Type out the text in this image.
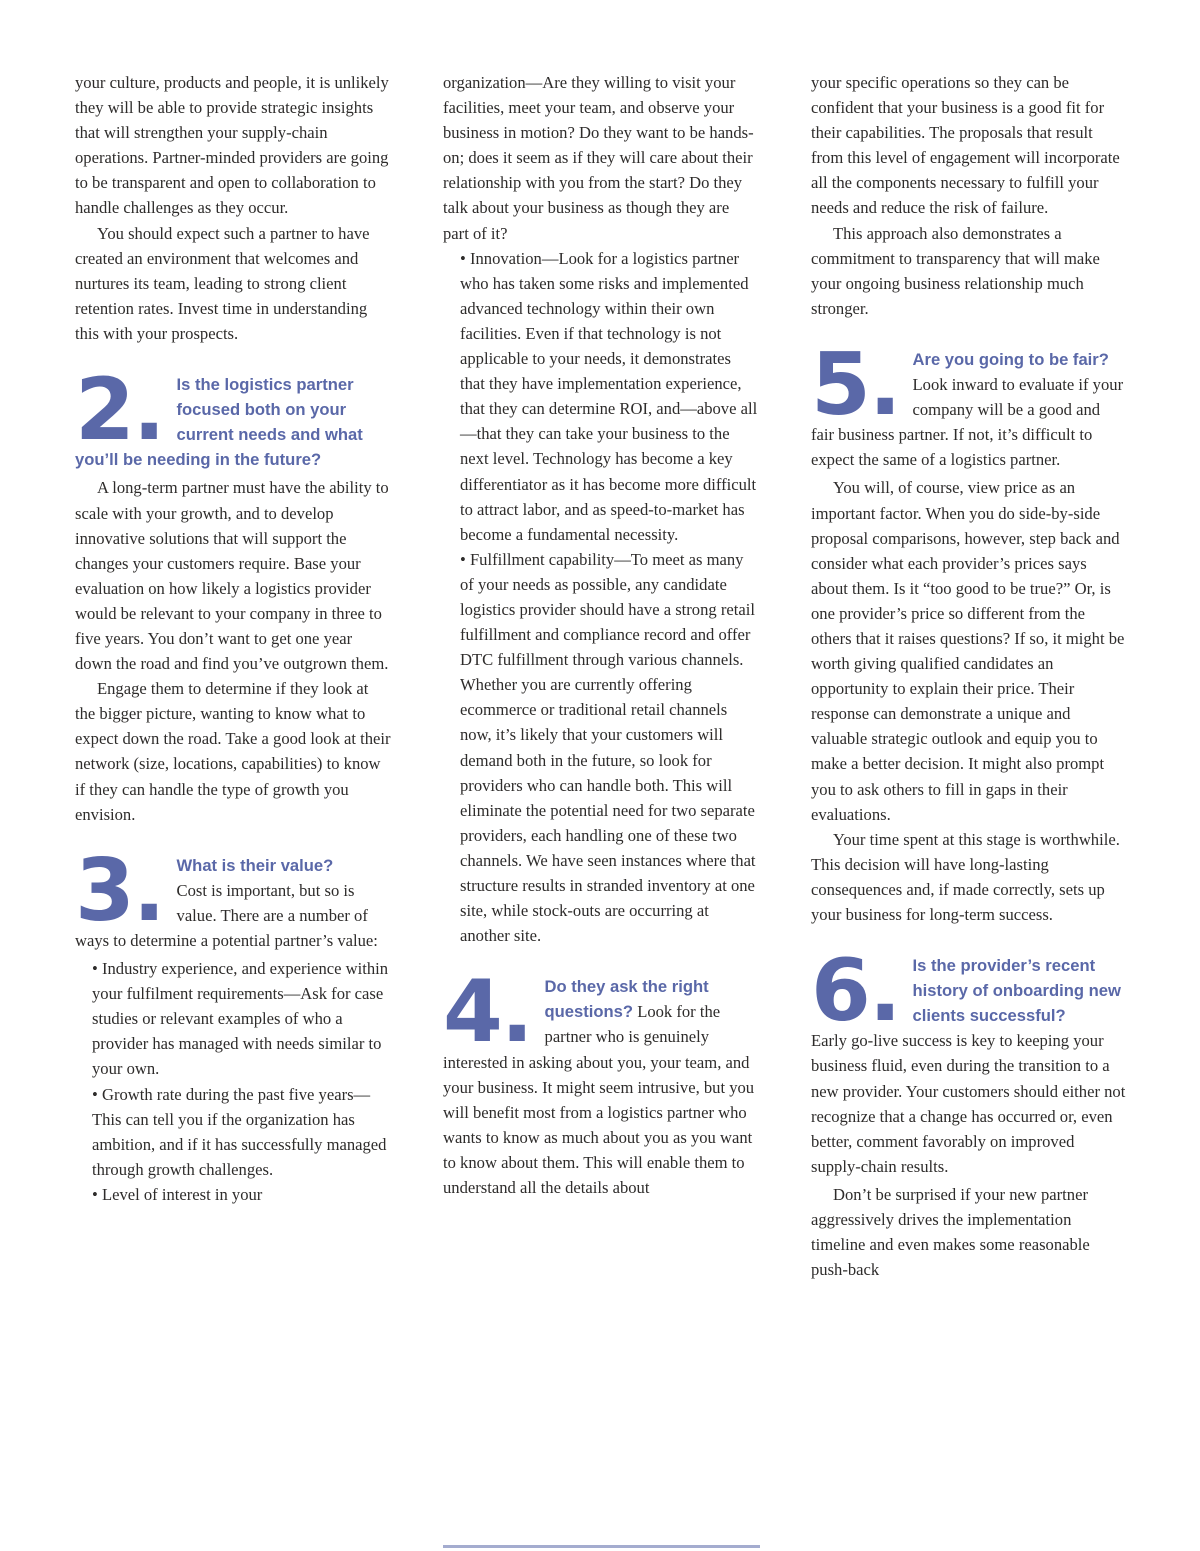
your culture, products and people, it is unlikely they will be able to provide strategic insights that will strengthen your supply-chain operations. Partner-minded providers are going to be transparent and open to collaboration to handle challenges as they occur.

You should expect such a partner to have created an environment that welcomes and nurtures its team, leading to strong client retention rates. Invest time in understanding this with your prospects.

2. Is the logistics partner focused both on your current needs and what you’ll be needing in the future?

A long-term partner must have the ability to scale with your growth, and to develop innovative solutions that will support the changes your customers require. Base your evaluation on how likely a logistics provider would be relevant to your company in three to five years. You don’t want to get one year down the road and find you’ve outgrown them.

Engage them to determine if they look at the bigger picture, wanting to know what to expect down the road. Take a good look at their network (size, locations, capabilities) to know if they can handle the type of growth you envision.

3. What is their value?
Cost is important, but so is value. There are a number of ways to determine a potential partner’s value:

• Industry experience, and experience within your fulfilment requirements—Ask for case studies or relevant examples of who a provider has managed with needs similar to your own.

• Growth rate during the past five years—This can tell you if the organization has ambition, and if it has successfully managed through growth challenges.

• Level of interest in your

organization—Are they willing to visit your facilities, meet your team, and observe your business in motion? Do they want to be hands-on; does it seem as if they will care about their relationship with you from the start? Do they talk about your business as though they are part of it?

• Innovation—Look for a logistics partner who has taken some risks and implemented advanced technology within their own facilities. Even if that technology is not applicable to your needs, it demonstrates that they have implementation experience, that they can determine ROI, and—above all—that they can take your business to the next level. Technology has become a key differentiator as it has become more difficult to attract labor, and as speed-to-market has become a fundamental necessity.

• Fulfillment capability—To meet as many of your needs as possible, any candidate logistics provider should have a strong retail fulfillment and compliance record and offer DTC fulfillment through various channels. Whether you are currently offering ecommerce or traditional retail channels now, it’s likely that your customers will demand both in the future, so look for providers who can handle both. This will eliminate the potential need for two separate providers, each handling one of these two channels. We have seen instances where that structure results in stranded inventory at one site, while stock-outs are occurring at another site.

4. Do they ask the right questions? Look for the partner who is genuinely interested in asking about you, your team, and your business. It might seem intrusive, but you will benefit most from a logistics partner who wants to know as much about you as you want to know about them. This will enable them to understand all the details about

your specific operations so they can be confident that your business is a good fit for their capabilities. The proposals that result from this level of engagement will incorporate all the components necessary to fulfill your needs and reduce the risk of failure.

This approach also demonstrates a commitment to transparency that will make your ongoing business relationship much stronger.

5. Are you going to be fair? Look inward to evaluate if your company will be a good and fair business partner. If not, it’s difficult to expect the same of a logistics partner.

You will, of course, view price as an important factor. When you do side-by-side proposal comparisons, however, step back and consider what each provider’s prices says about them. Is it “too good to be true?” Or, is one provider’s price so different from the others that it raises questions? If so, it might be worth giving qualified candidates an opportunity to explain their price. Their response can demonstrate a unique and valuable strategic outlook and equip you to make a better decision. It might also prompt you to ask others to fill in gaps in their evaluations.

Your time spent at this stage is worthwhile. This decision will have long-lasting consequences and, if made correctly, sets up your business for long-term success.

6. Is the provider’s recent history of onboarding new clients successful?
Early go-live success is key to keeping your business fluid, even during the transition to a new provider. Your customers should either not recognize that a change has occurred or, even better, comment favorably on improved supply-chain results.

Don’t be surprised if your new partner aggressively drives the implementation timeline and even makes some reasonable push-back
